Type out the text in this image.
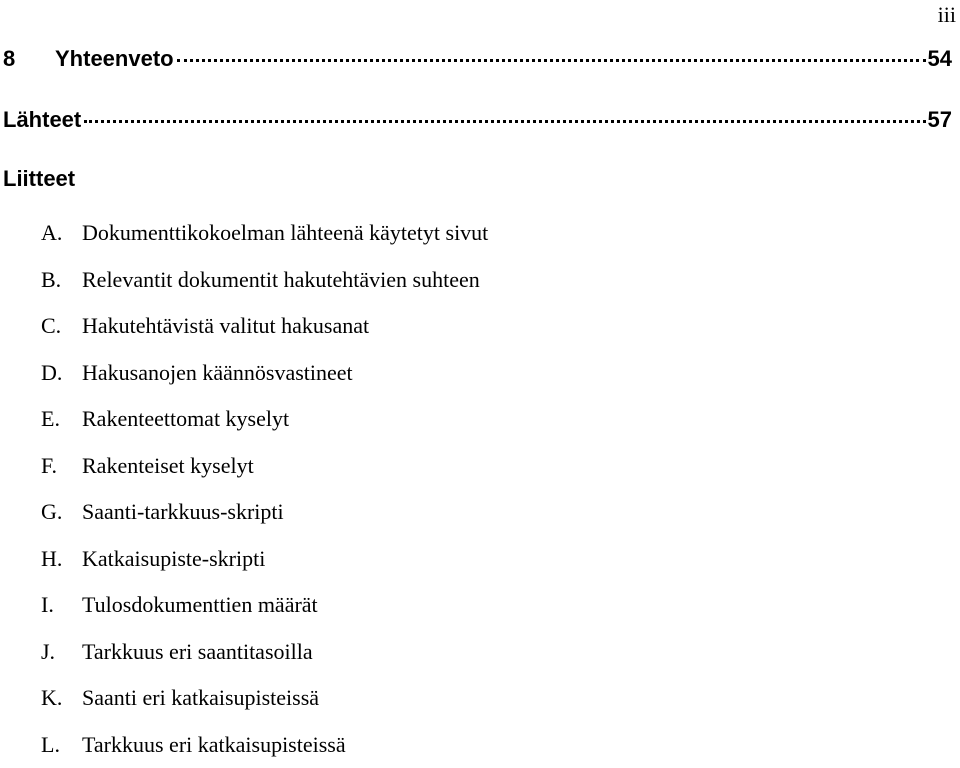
iii
8	Yhteenveto	54
Lähteet	57
Liitteet
A. Dokumenttikokoelman lähteenä käytetyt sivut
B. Relevantit dokumentit hakutehtävien suhteen
C. Hakutehtävistä valitut hakusanat
D. Hakusanojen käännösvastineet
E.	Rakenteettomat kyselyt
F.	Rakenteiset kyselyt
G. Saanti-tarkkuus-skripti
H. Katkaisupiste-skripti
I.	Tulosdokumenttien määrät
J.	Tarkkuus eri saantitasoilla
K. Saanti eri katkaisupisteissä
L.	Tarkkuus eri katkaisupisteissä
